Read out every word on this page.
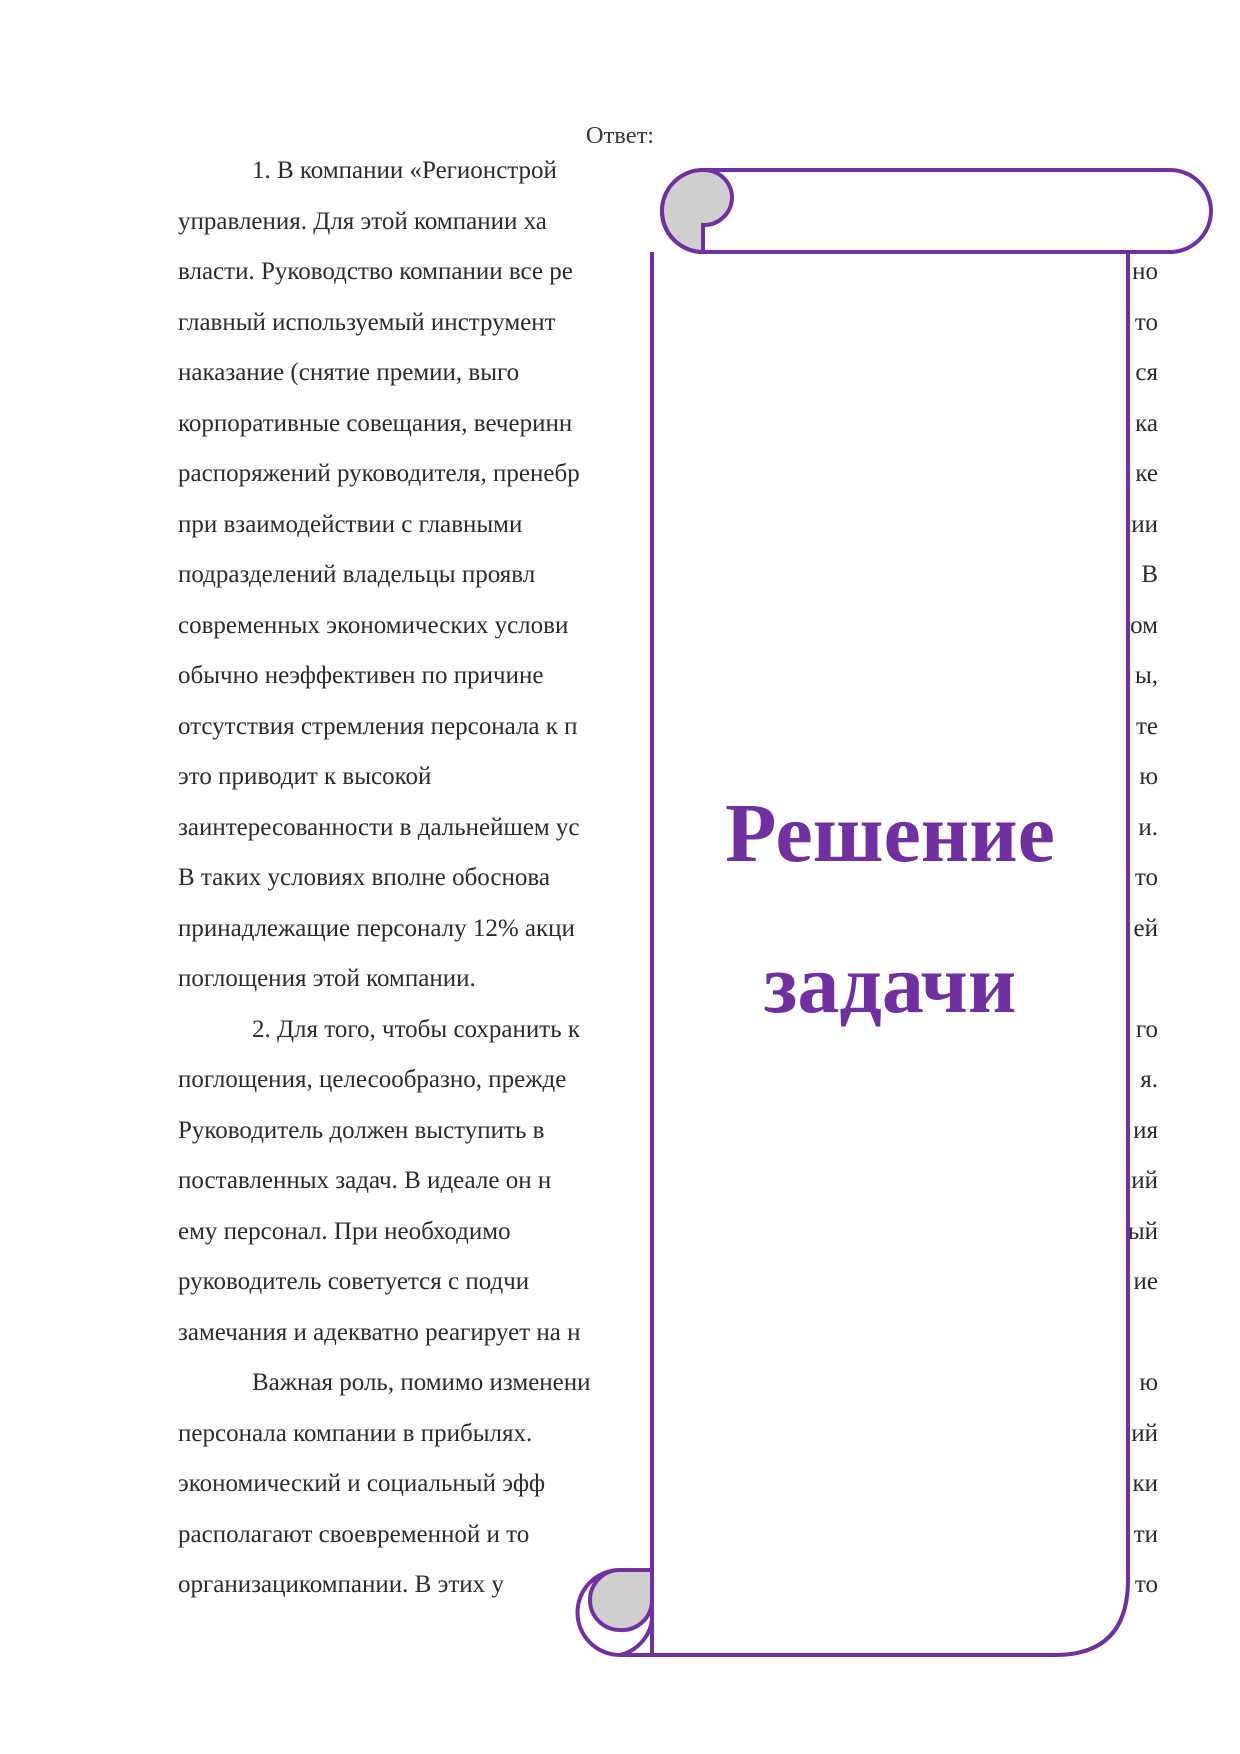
Ответ:
1. В компании «Регионстрой
управления. Для этой компании ха
власти. Руководство компании все ре	но
главный используемый инструмент	то
наказание (снятие премии, выго	ся
корпоративные совещания, вечеринн	ка
распоряжений руководителя, пренебр	ке
при взаимодействии с главными	ии
подразделений владельцы проявл	В
современных экономических услови	ом
обычно неэффективен по причине	ы,
отсутствия стремления персонала к п	те
это приводит к высокой	ю
заинтересованности в дальнейшем ус	и.
В таких условиях вполне обоснова	то
принадлежащие персоналу 12% акци	ей
поглощения этой компании.
2. Для того, чтобы сохранить к	го
поглощения, целесообразно, прежде	я.
Руководитель должен выступить в	ия
поставленных задач. В идеале он н	ий
ему персонал. При необходимо	ый
руководитель советуется с подчи	ие
замечания и адекватно реагирует на н
Важная роль, помимо изменени	ю
персонала компании в прибылях.	ий
экономический и социальный эфф	ки
располагают своевременной и то	ти
организацикомпании. В этих у	то
Решение
задачи
